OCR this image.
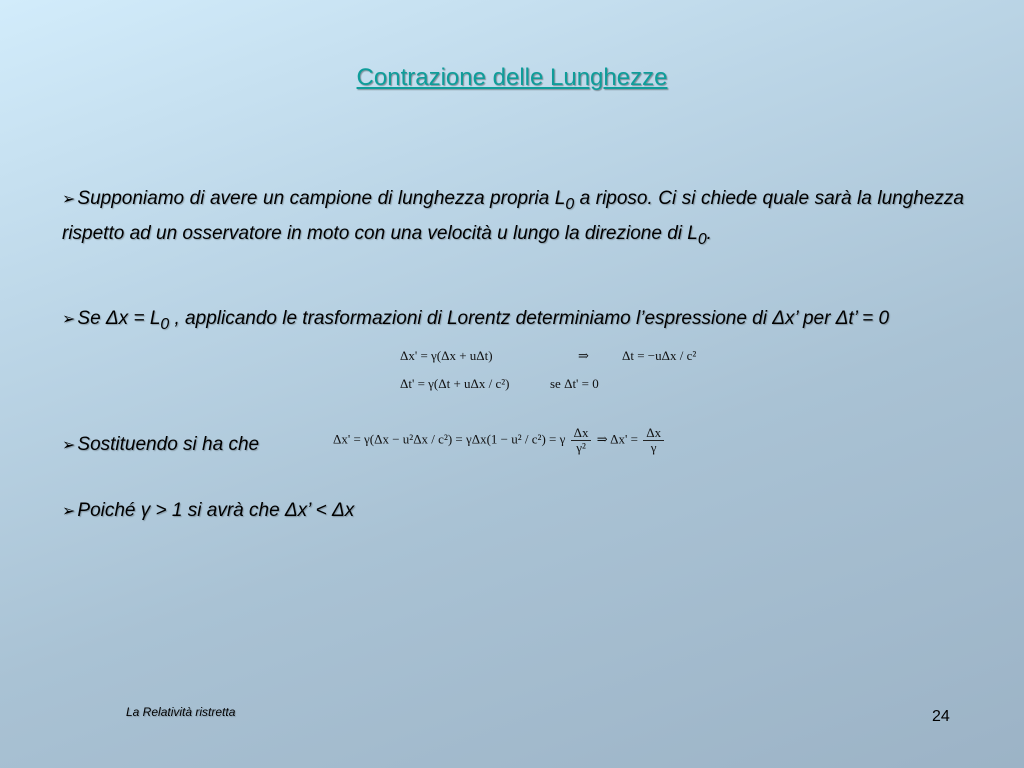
Contrazione delle Lunghezze
➢ Supponiamo di avere un campione di lunghezza propria $L_0$ a riposo. Ci si chiede quale sarà la lunghezza rispetto ad un osservatore in moto con una velocità u lungo la direzione di $L_0$.
➢ Se $\Delta x = L_0$ , applicando le trasformazioni di Lorentz determiniamo l’espressione di Δx’ per Δt’ = 0
Δx' = γ(Δx + uΔt)	⇒	Δt = −uΔx / c²
Δt' = γ(Δt + uΔx / c²)	se Δt' = 0
➢ Sostituendo si ha che	Δx' = γ(Δx − u²Δx / c²) = γΔx(1 − u² / c²) = γ $\frac{\Delta x}{\text{γ²}}$ ⇒ $\Delta x' = \frac{\Delta x}{\gamma}$
➢ Poiché γ > 1 si avrà che Δx’ < Δx
La Relatività ristretta	24
